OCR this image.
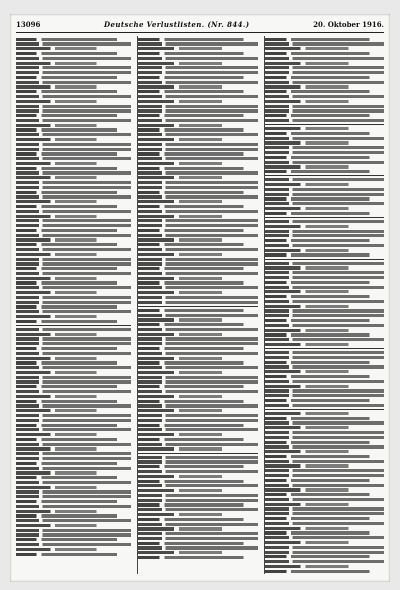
13096	Deutsche Verlustlisten. (Nr. 844.)	20. Oktober 1916.
